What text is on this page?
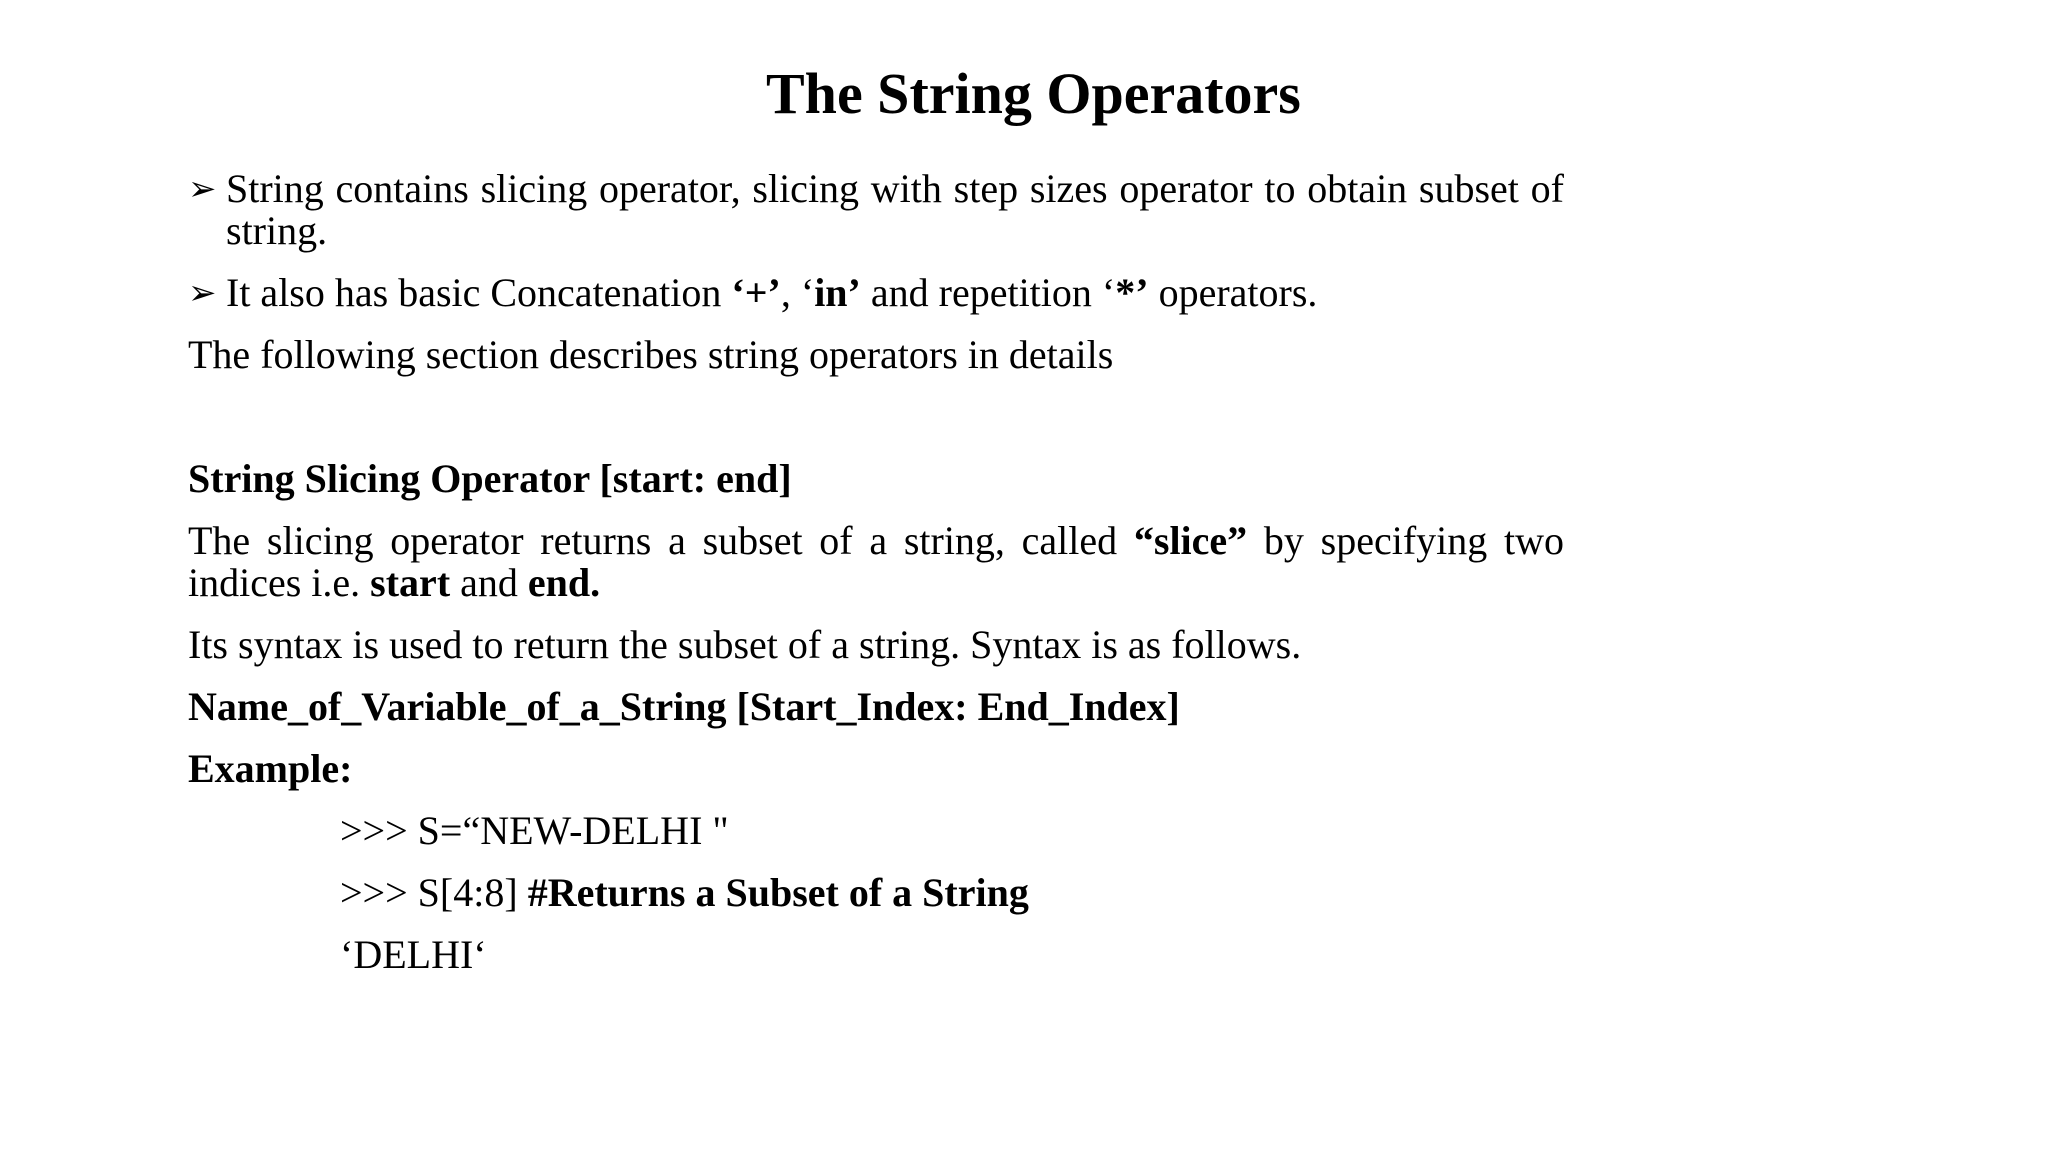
The String Operators
➢ String contains slicing operator, slicing with step sizes operator to obtain subset of string.
➢ It also has basic Concatenation ‘+’, ‘in’ and repetition ‘*’ operators.
The following section describes string operators in details
String Slicing Operator [start: end]
The slicing operator returns a subset of a string, called “slice” by specifying two indices i.e. start and end.
Its syntax is used to return the subset of a string. Syntax is as follows.
Name_of_Variable_of_a_String [Start_Index: End_Index]
Example:
>>> S=“NEW-DELHI "
>>> S[4:8] #Returns a Subset of a String
‘DELHI‘
